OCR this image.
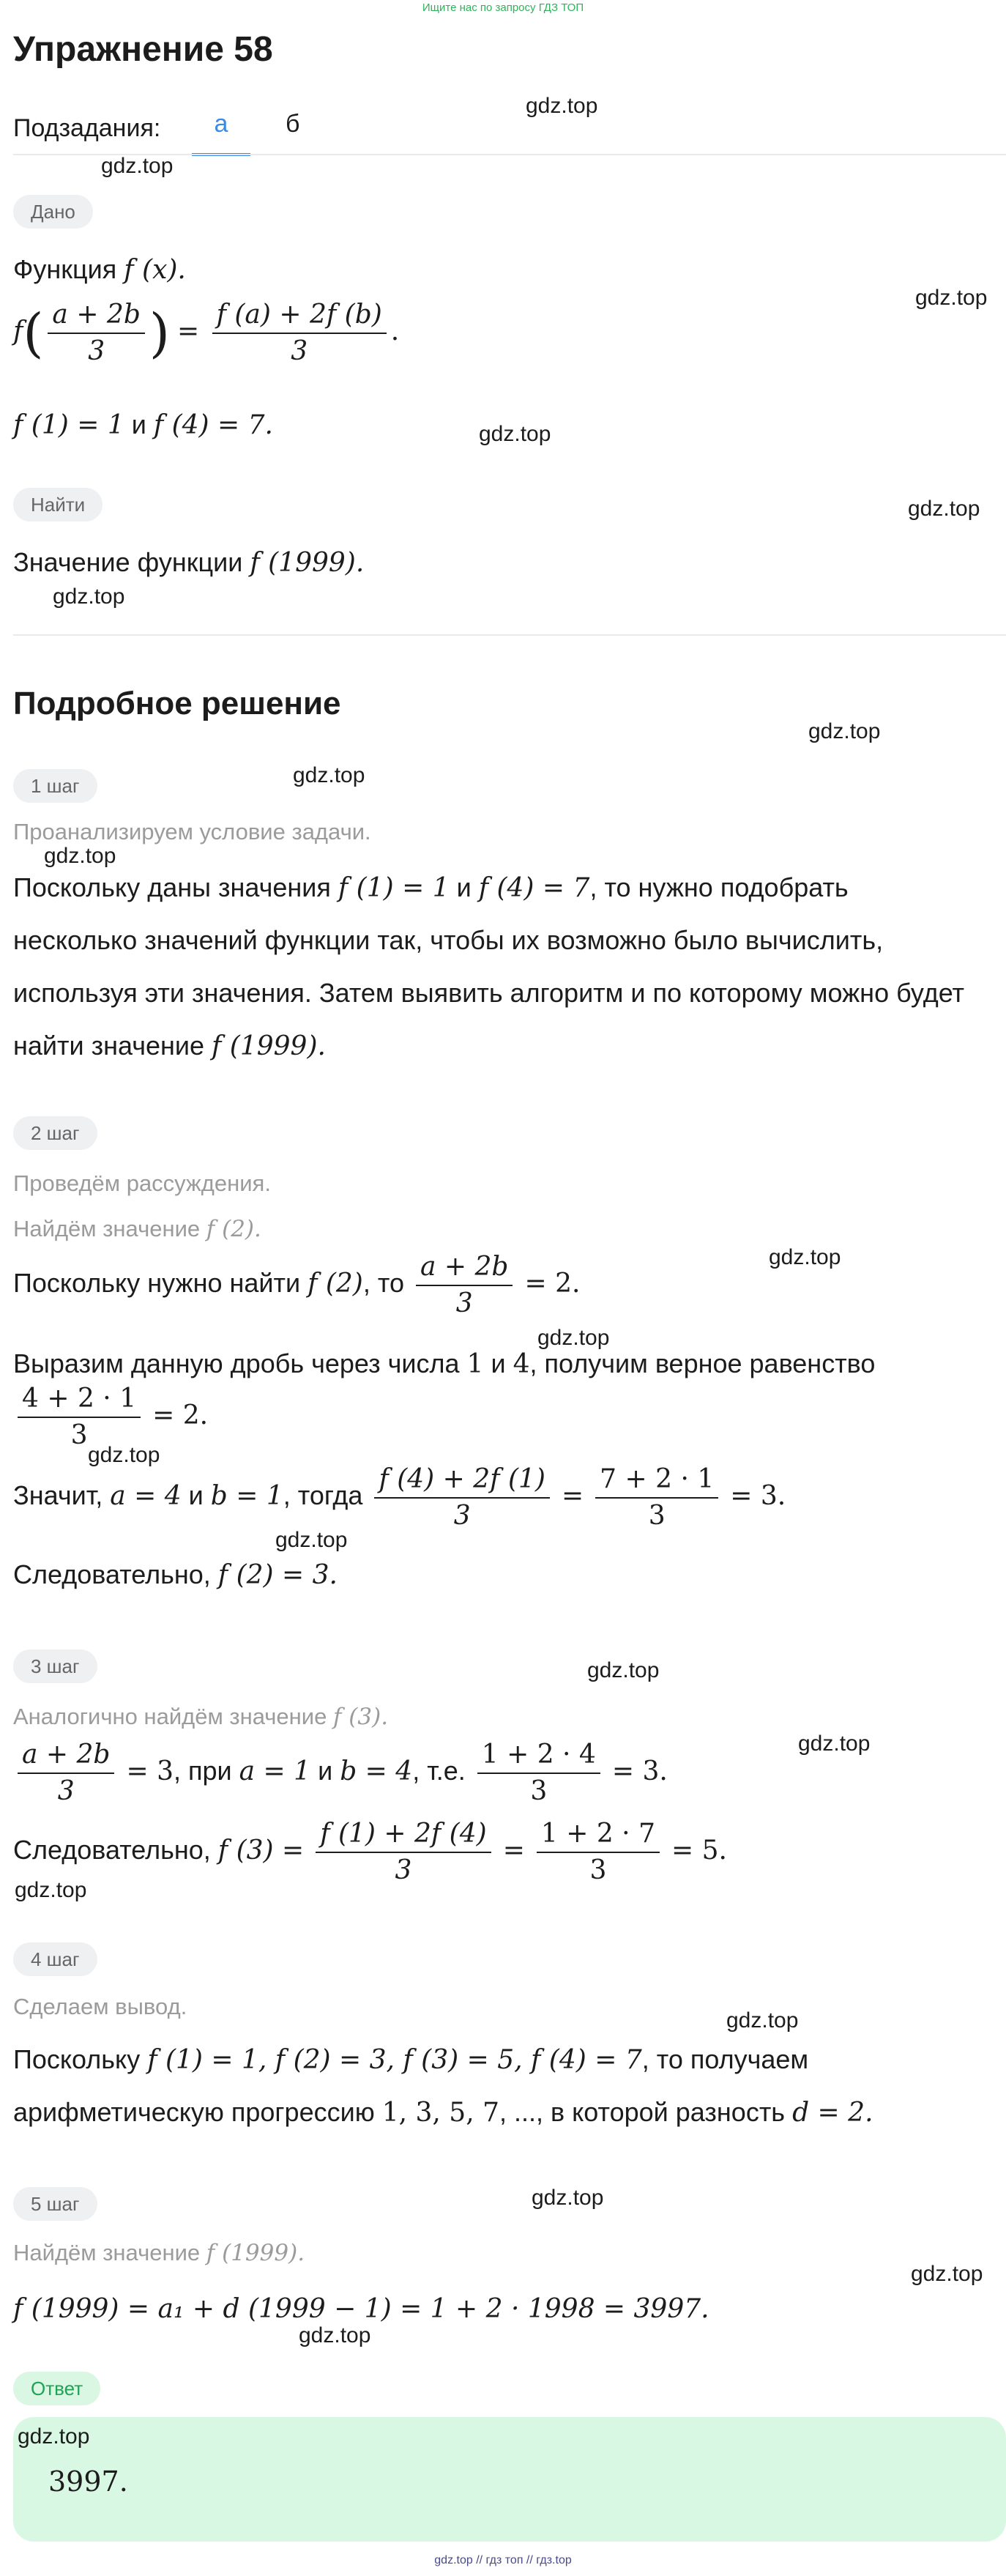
Ищите нас по запросу ГДЗ ТОП
Упражнение 58
Подзадания:	а	б
Дано
Функция f (x).
$f( \frac{a + 2b}{3}$ ) = $\frac{f (a) + 2f (b)}{3}$ .
f (1) = 1 и f (4) = 7.
Найти
Значение функции f (1999).
Подробное решение
1 шаг
Проанализируем условие задачи.
Поскольку даны значения f (1) = 1 и f (4) = 7, то нужно подобрать
несколько значений функции так, чтобы их возможно было вычислить,
используя эти значения. Затем выявить алгоритм и по которому можно будет
найти значение f (1999).
2 шаг
Проведём рассуждения.
Найдём значение f (2).
Поскольку нужно найти f (2), то $\frac{a + 2b}{3} = 2$.
Выразим данную дробь через числа 1 и 4, получим верное равенство
$\frac{4 + 2 \cdot 1}{3} = 2$.
Значит, a = 4 и b = 1, тогда $\frac{f (4) + 2f (1)}{3} = \frac{7 + 2 \cdot 1}{3} = 3$.
Следовательно, f (2) = 3.
3 шаг
Аналогично найдём значение f (3).
$\frac{a + 2b}{3} = 3$, при a = 1 и b = 4, т.е. $\frac{1 + 2 \cdot 4}{3} = 3$.
Следовательно, f $(3) = \frac{f (1) + 2f (4)}{3} = \frac{1 + 2 \cdot 7}{3} = 5$.
4 шаг
Сделаем вывод.
Поскольку f (1) = 1, f (2) = 3, f (3) = 5, f (4) = 7, то получаем
арифметическую прогрессию 1, 3, 5, 7, ..., в которой разность d = 2.
5 шаг
Найдём значение f (1999).
f (1999) = a₁ + d (1999 − 1) = 1 + 2 · 1998 = 3997.
Ответ
3997.
gdz.top
gdz.top
gdz.top
gdz.top
gdz.top
gdz.top
gdz.top
gdz.top
gdz.top
gdz.top
gdz.top
gdz.top
gdz.top
gdz.top
gdz.top
gdz.top
gdz.top
gdz.top
gdz.top
gdz.top
gdz.top
gdz.top // гдз топ // гдз.top
